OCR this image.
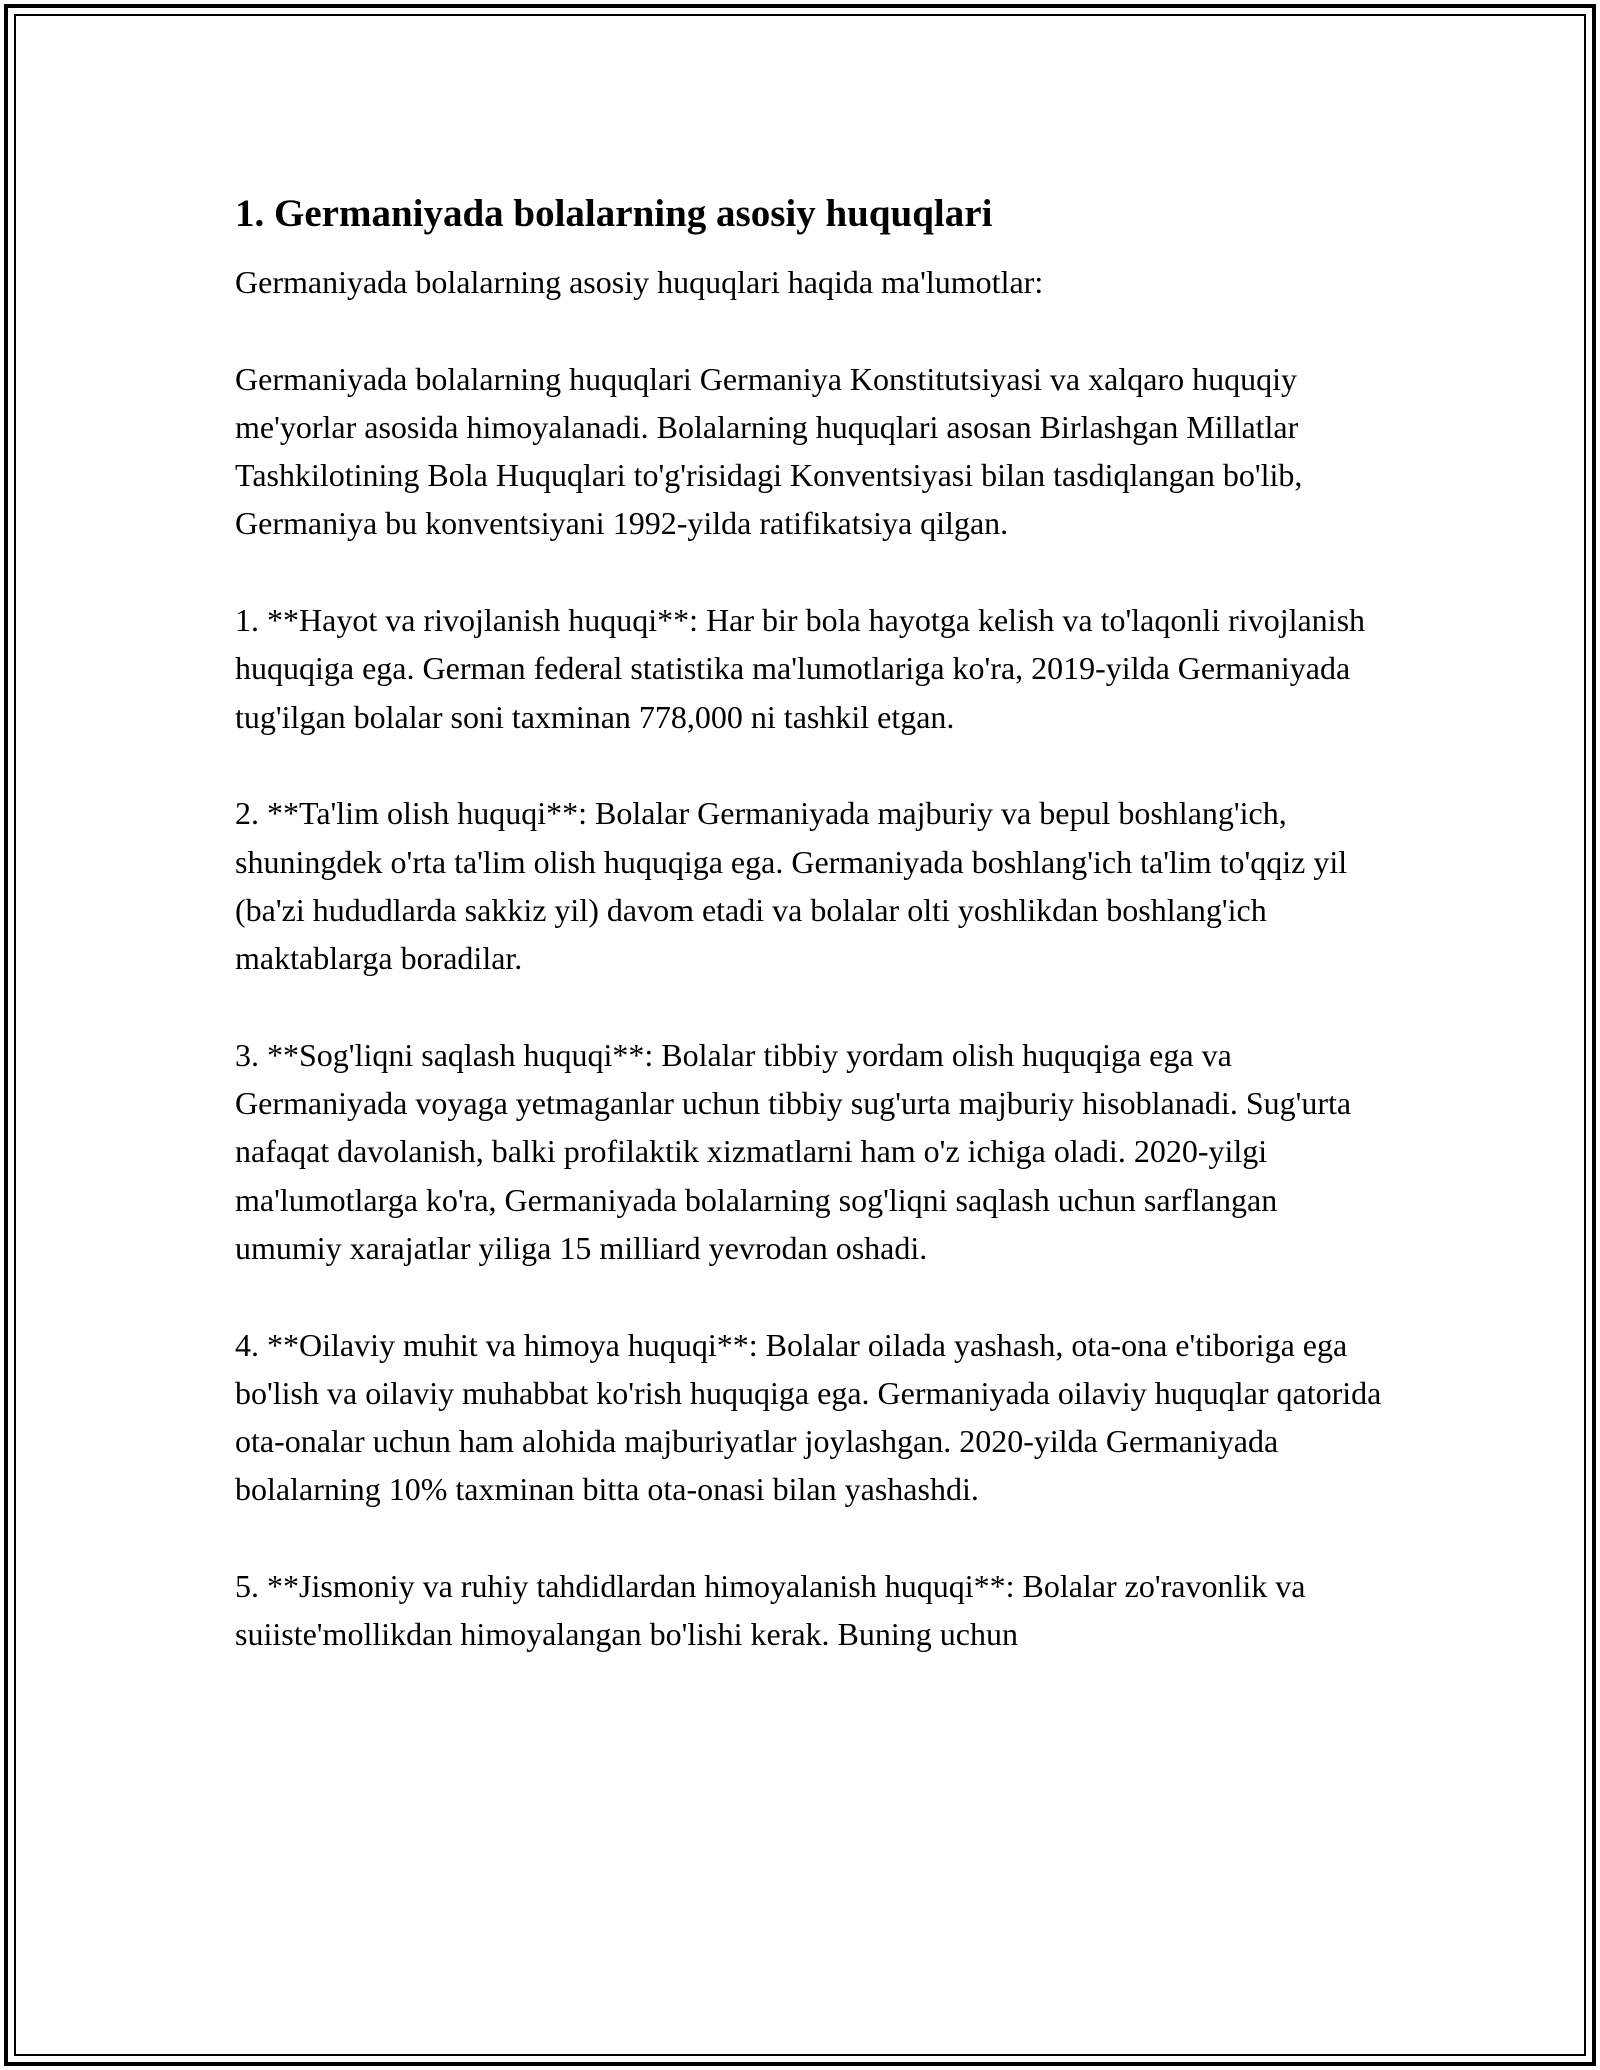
1. Germaniyada bolalarning asosiy huquqlari

Germaniyada bolalarning asosiy huquqlari haqida ma'lumotlar:

Germaniyada bolalarning huquqlari Germaniya Konstitutsiyasi va xalqaro huquqiy me'yorlar asosida himoyalanadi. Bolalarning huquqlari asosan Birlashgan Millatlar Tashkilotining Bola Huquqlari to'g'risidagi Konventsiyasi bilan tasdiqlangan bo'lib, Germaniya bu konventsiyani 1992-yilda ratifikatsiya qilgan.

1. **Hayot va rivojlanish huquqi**: Har bir bola hayotga kelish va to'laqonli rivojlanish huquqiga ega. German federal statistika ma'lumotlariga ko'ra, 2019-yilda Germaniyada tug'ilgan bolalar soni taxminan 778,000 ni tashkil etgan.

2. **Ta'lim olish huquqi**: Bolalar Germaniyada majburiy va bepul boshlang'ich, shuningdek o'rta ta'lim olish huquqiga ega. Germaniyada boshlang'ich ta'lim to'qqiz yil (ba'zi hududlarda sakkiz yil) davom etadi va bolalar olti yoshlikdan boshlang'ich maktablarga boradilar.

3. **Sog'liqni saqlash huquqi**: Bolalar tibbiy yordam olish huquqiga ega va Germaniyada voyaga yetmaganlar uchun tibbiy sug'urta majburiy hisoblanadi. Sug'urta nafaqat davolanish, balki profilaktik xizmatlarni ham o'z ichiga oladi. 2020-yilgi ma'lumotlarga ko'ra, Germaniyada bolalarning sog'liqni saqlash uchun sarflangan umumiy xarajatlar yiliga 15 milliard yevrodan oshadi.

4. **Oilaviy muhit va himoya huquqi**: Bolalar oilada yashash, ota-ona e'tiboriga ega bo'lish va oilaviy muhabbat ko'rish huquqiga ega. Germaniyada oilaviy huquqlar qatorida ota-onalar uchun ham alohida majburiyatlar joylashgan. 2020-yilda Germaniyada bolalarning 10% taxminan bitta ota-onasi bilan yashashdi.

5. **Jismoniy va ruhiy tahdidlardan himoyalanish huquqi**: Bolalar zo'ravonlik va suiiste'mollikdan himoyalangan bo'lishi kerak. Buning uchun
